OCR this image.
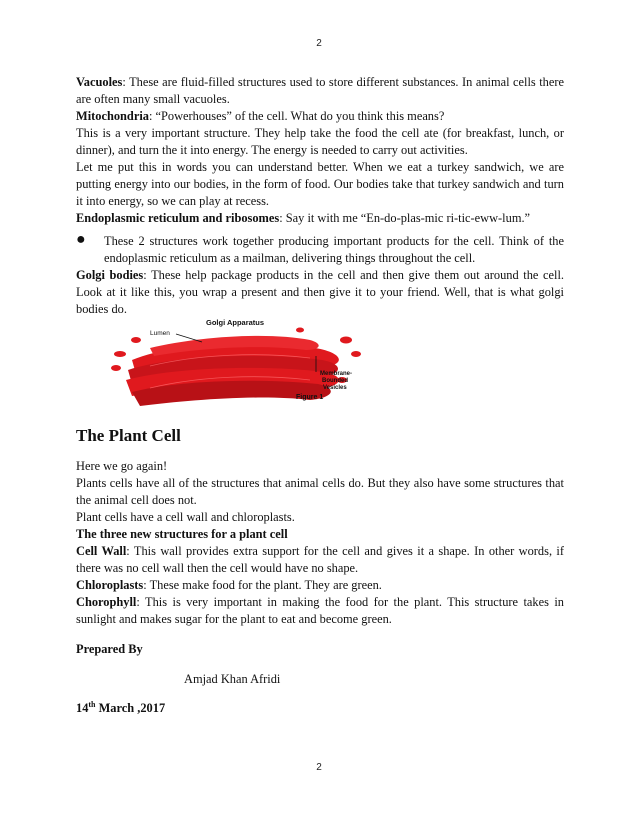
2

Vacuoles: These are fluid-filled structures used to store different substances. In animal cells there are often many small vacuoles.

Mitochondria: “Powerhouses” of the cell. What do you think this means?

This is a very important structure. They help take the food the cell ate (for breakfast, lunch, or dinner), and turn the it into energy. The energy is needed to carry out activities.

Let me put this in words you can understand better. When we eat a turkey sandwich, we are putting energy into our bodies, in the form of food. Our bodies take that turkey sandwich and turn it into energy, so we can play at recess.

Endoplasmic reticulum and ribosomes: Say it with me “En-do-plas-mic ri-tic-eww-lum.”

● These 2 structures work together producing important products for the cell. Think of the endoplasmic reticulum as a mailman, delivering things throughout the cell.

Golgi bodies: These help package products in the cell and then give them out around the cell. Look at it like this, you wrap a present and then give it to your friend. Well, that is what golgi bodies do.

Golgi Apparatus
Lumen
Membrane-
Bounded
Vesicles
Figure 1
The Plant Cell

Here we go again!

Plants cells have all of the structures that animal cells do. But they also have some structures that the animal cell does not.

Plant cells have a cell wall and chloroplasts.

The three new structures for a plant cell

Cell Wall: This wall provides extra support for the cell and gives it a shape. In other words, if there was no cell wall then the cell would have no shape.

Chloroplasts: These make food for the plant. They are green.

Chorophyll: This is very important in making the food for the plant. This structure takes in sunlight and makes sugar for the plant to eat and become green.

Prepared By
Amjad Khan Afridi
14th March ,2017
2
